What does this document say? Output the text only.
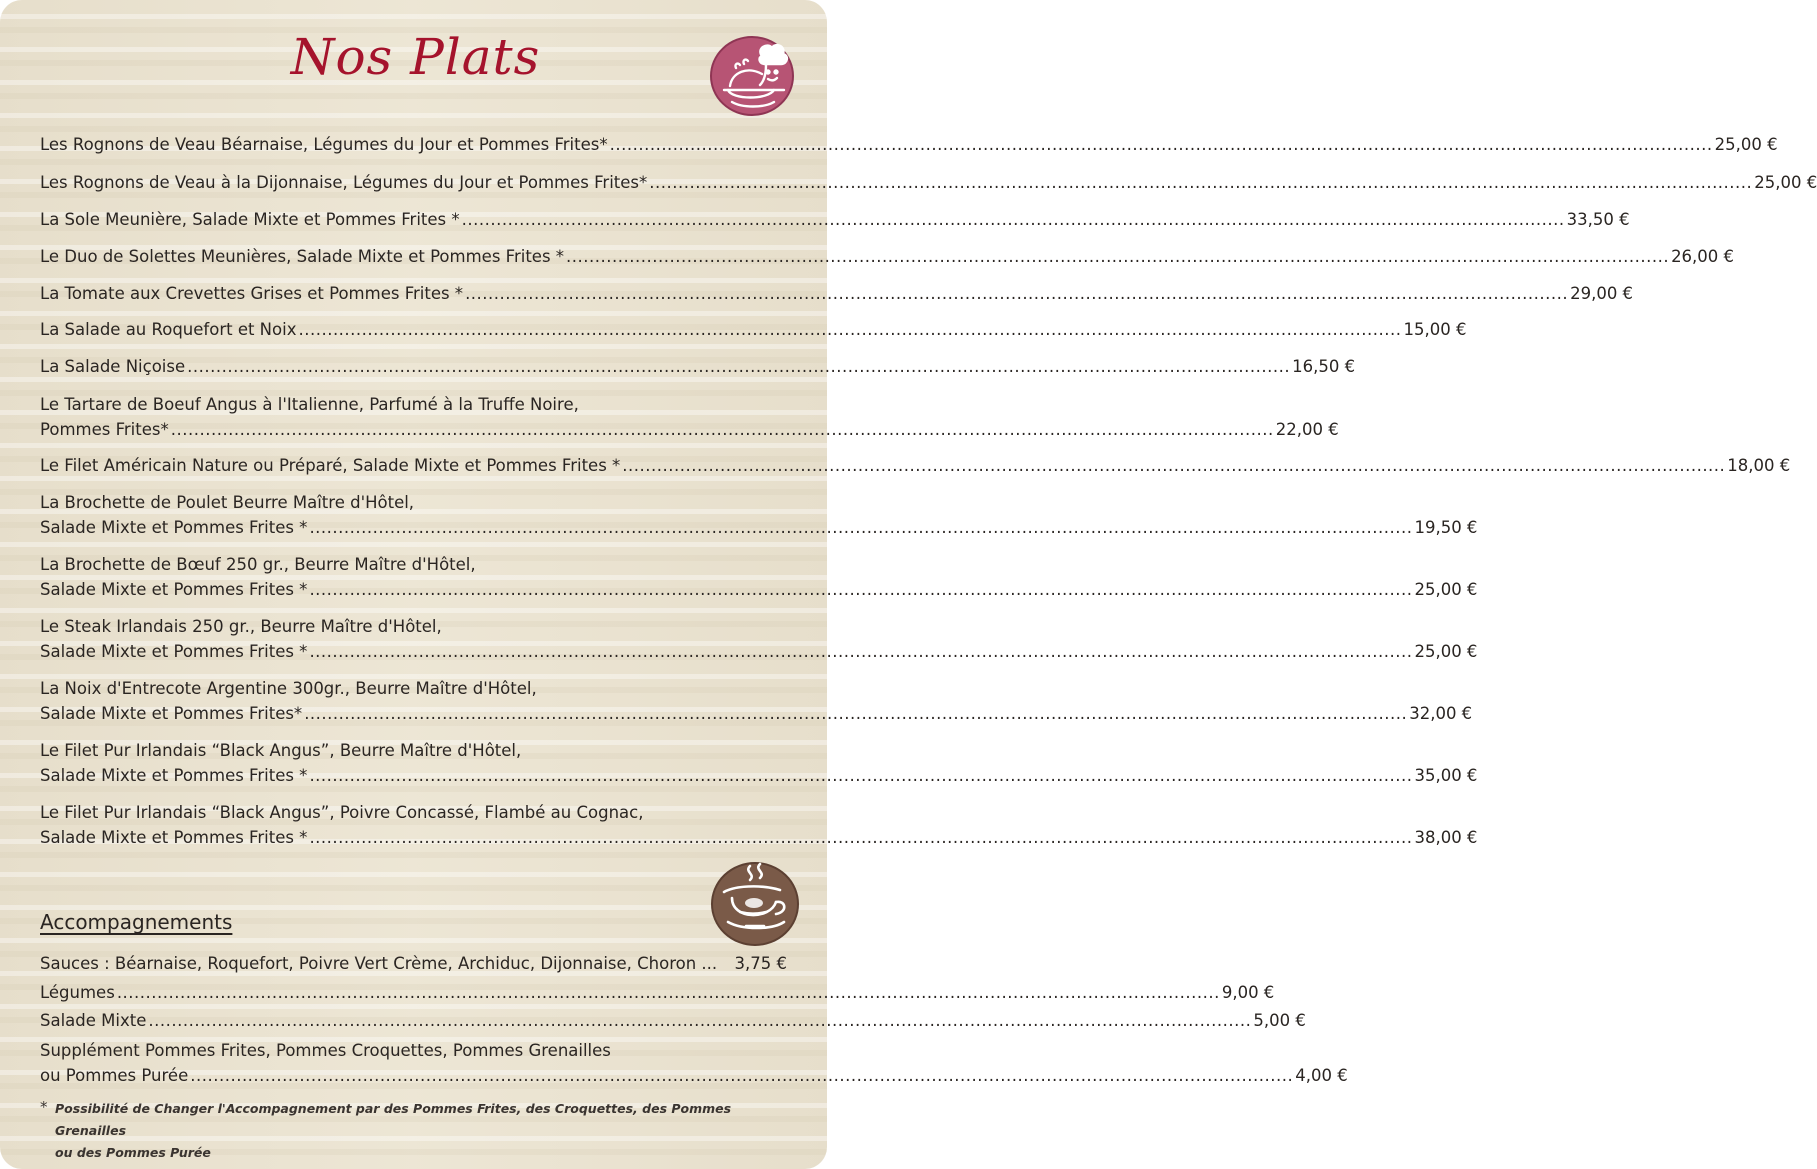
Nos Plats
Les Rognons de Veau Béarnaise, Légumes du Jour et Pommes Frites* ................................................................................................................................................................................................ 25,00 €
Les Rognons de Veau à la Dijonnaise, Légumes du Jour et Pommes Frites* ................................................................................................................................................................................................ 25,00 €
La Sole Meunière, Salade Mixte et Pommes Frites * ................................................................................................................................................................................................ 33,50 €
Le Duo de Solettes Meunières, Salade Mixte et Pommes Frites * ................................................................................................................................................................................................ 26,00 €
La Tomate aux Crevettes Grises et Pommes Frites * ................................................................................................................................................................................................ 29,00 €
La Salade au Roquefort et Noix ................................................................................................................................................................................................ 15,00 €
La Salade Niçoise ................................................................................................................................................................................................ 16,50 €
Le Tartare de Boeuf Angus à l'Italienne, Parfumé à la Truffe Noire,
Pommes Frites* ................................................................................................................................................................................................ 22,00 €
Le Filet Américain Nature ou Préparé, Salade Mixte et Pommes Frites * ................................................................................................................................................................................................ 18,00 €
La Brochette de Poulet Beurre Maître d'Hôtel,
Salade Mixte et Pommes Frites * ................................................................................................................................................................................................ 19,50 €
La Brochette de Bœuf 250 gr., Beurre Maître d'Hôtel,
Salade Mixte et Pommes Frites * ................................................................................................................................................................................................ 25,00 €
Le Steak Irlandais 250 gr., Beurre Maître d'Hôtel,
Salade Mixte et Pommes Frites * ................................................................................................................................................................................................ 25,00 €
La Noix d'Entrecote Argentine 300gr., Beurre Maître d'Hôtel,
Salade Mixte et Pommes Frites* ................................................................................................................................................................................................ 32,00 €
Le Filet Pur Irlandais “Black Angus”, Beurre Maître d'Hôtel,
Salade Mixte et Pommes Frites * ................................................................................................................................................................................................ 35,00 €
Le Filet Pur Irlandais “Black Angus”, Poivre Concassé, Flambé au Cognac,
Salade Mixte et Pommes Frites * ................................................................................................................................................................................................ 38,00 €
Accompagnements
Sauces : Béarnaise, Roquefort, Poivre Vert Crème, Archiduc, Dijonnaise, Choron ... 3,75 €
Légumes ................................................................................................................................................................................................ 9,00 €
Salade Mixte ................................................................................................................................................................................................ 5,00 €
Supplément Pommes Frites, Pommes Croquettes, Pommes Grenailles
ou Pommes Purée ................................................................................................................................................................................................ 4,00 €
* Possibilité de Changer l'Accompagnement par des Pommes Frites, des Croquettes, des Pommes Grenailles
ou des Pommes Purée
